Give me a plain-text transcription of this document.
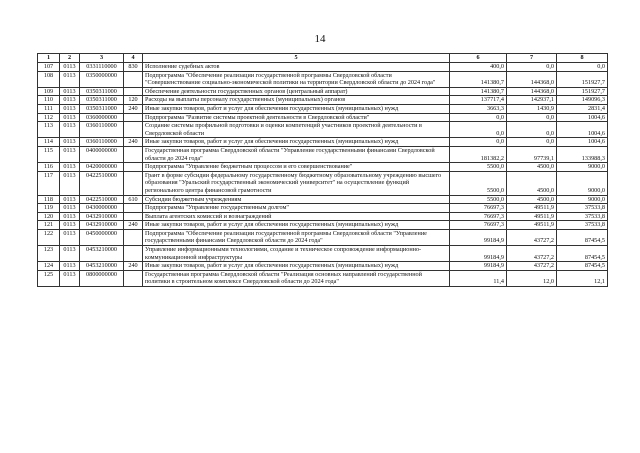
14
1	2	3	4	5	6	7	8
107	0113	0331110000	830	Исполнение судебных актов	400,0	0,0	0,0
108	0113	0350000000		Подпрограмма "Обеспечение реализации государственной программы Свердловской области "Совершенствование социально-экономической политики на территории Свердловской области до 2024 года"	141380,7	144368,0	151927,7
109	0113	0350311000		Обеспечение деятельности государственных органов (центральный аппарат)	141380,7	144368,0	151927,7
110	0113	0350311000	120	Расходы на выплаты персоналу государственных (муниципальных) органов	137717,4	142937,1	149096,3
111	0113	0350311000	240	Иные закупки товаров, работ и услуг для обеспечения государственных (муниципальных) нужд	3663,3	1430,9	2831,4
112	0113	0360000000		Подпрограмма "Развитие системы проектной деятельности в Свердловской области"	0,0	0,0	1004,6
113	0113	0360110000		Создание системы профильной подготовки и оценки компетенций участников проектной деятельности в Свердловской области	0,0	0,0	1004,6
114	0113	0360110000	240	Иные закупки товаров, работ и услуг для обеспечения государственных (муниципальных) нужд	0,0	0,0	1004,6
115	0113	0400000000		Государственная программа Свердловской области "Управление государственными финансами Свердловской области до 2024 года"	181382,2	97739,1	133988,3
116	0113	0420000000		Подпрограмма "Управление бюджетным процессом и его совершенствование"	5500,0	4500,0	9000,0
117	0113	0422510000		Грант в форме субсидии федеральному государственному бюджетному образовательному учреждению высшего образования "Уральский государственный экономический университет" на осуществление функций регионального центра финансовой грамотности	5500,0	4500,0	9000,0
118	0113	0422510000	610	Субсидии бюджетным учреждениям	5500,0	4500,0	9000,0
119	0113	0430000000		Подпрограмма "Управление государственным долгом"	76697,3	49511,9	37533,8
120	0113	0432910000		Выплата агентских комиссий и вознаграждений	76697,3	49511,9	37533,8
121	0113	0432910000	240	Иные закупки товаров, работ и услуг для обеспечения государственных (муниципальных) нужд	76697,3	49511,9	37533,8
122	0113	0450000000		Подпрограмма "Обеспечение реализации государственной программы Свердловской области "Управление государственными финансами Свердловской области до 2024 года"	99184,9	43727,2	87454,5
123	0113	0453210000		Управление информационными технологиями, создание и техническое сопровождение информационно-коммуникационной инфраструктуры	99184,9	43727,2	87454,5
124	0113	0453210000	240	Иные закупки товаров, работ и услуг для обеспечения государственных (муниципальных) нужд	99184,9	43727,2	87454,5
125	0113	0800000000		Государственная программа Свердловской области "Реализация основных направлений государственной политики в строительном комплексе Свердловской области до 2024 года"	11,4	12,0	12,1
